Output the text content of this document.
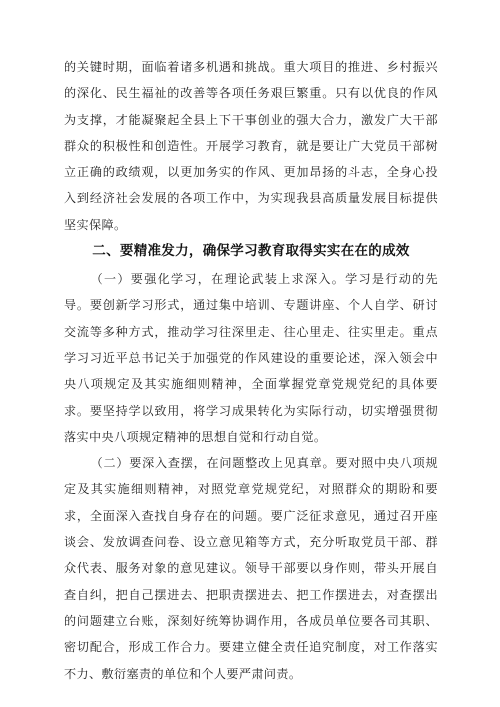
的关键时期，面临着诸多机遇和挑战。重大项目的推进、乡村振兴的深化、民生福祉的改善等各项任务艰巨繁重。只有以优良的作风为支撑，才能凝聚起全县上下干事创业的强大合力，激发广大干部群众的积极性和创造性。开展学习教育，就是要让广大党员干部树立正确的政绩观，以更加务实的作风、更加昂扬的斗志，全身心投入到经济社会发展的各项工作中，为实现我县高质量发展目标提供坚实保障。

二、要精准发力，确保学习教育取得实实在在的成效

（一）要强化学习，在理论武装上求深入。学习是行动的先导。要创新学习形式，通过集中培训、专题讲座、个人自学、研讨交流等多种方式，推动学习往深里走、往心里走、往实里走。重点学习习近平总书记关于加强党的作风建设的重要论述，深入领会中央八项规定及其实施细则精神，全面掌握党章党规党纪的具体要求。要坚持学以致用，将学习成果转化为实际行动，切实增强贯彻落实中央八项规定精神的思想自觉和行动自觉。

（二）要深入查摆，在问题整改上见真章。要对照中央八项规定及其实施细则精神，对照党章党规党纪，对照群众的期盼和要求，全面深入查找自身存在的问题。要广泛征求意见，通过召开座谈会、发放调查问卷、设立意见箱等方式，充分听取党员干部、群众代表、服务对象的意见建议。领导干部要以身作则，带头开展自查自纠，把自己摆进去、把职责摆进去、把工作摆进去，对查摆出的问题建立台账，深刻好统筹协调作用，各成员单位要各司其职、密切配合，形成工作合力。要建立健全责任追究制度，对工作落实不力、敷衍塞责的单位和个人要严肃问责。
